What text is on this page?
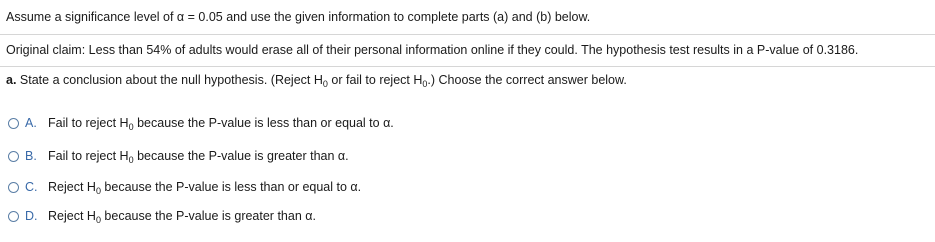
Assume a significance level of α = 0.05 and use the given information to complete parts (a) and (b) below.
Original claim: Less than 54% of adults would erase all of their personal information online if they could. The hypothesis test results in a P-value of 0.3186.
a. State a conclusion about the null hypothesis. (Reject $H_0$ or fail to reject $H_0$.) Choose the correct answer below.
A. Fail to reject $H_0$ because the P-value is less than or equal to α.
B. Fail to reject $H_0$ because the P-value is greater than α.
C. Reject $H_0$ because the P-value is less than or equal to α.
D. Reject $H_0$ because the P-value is greater than α.
